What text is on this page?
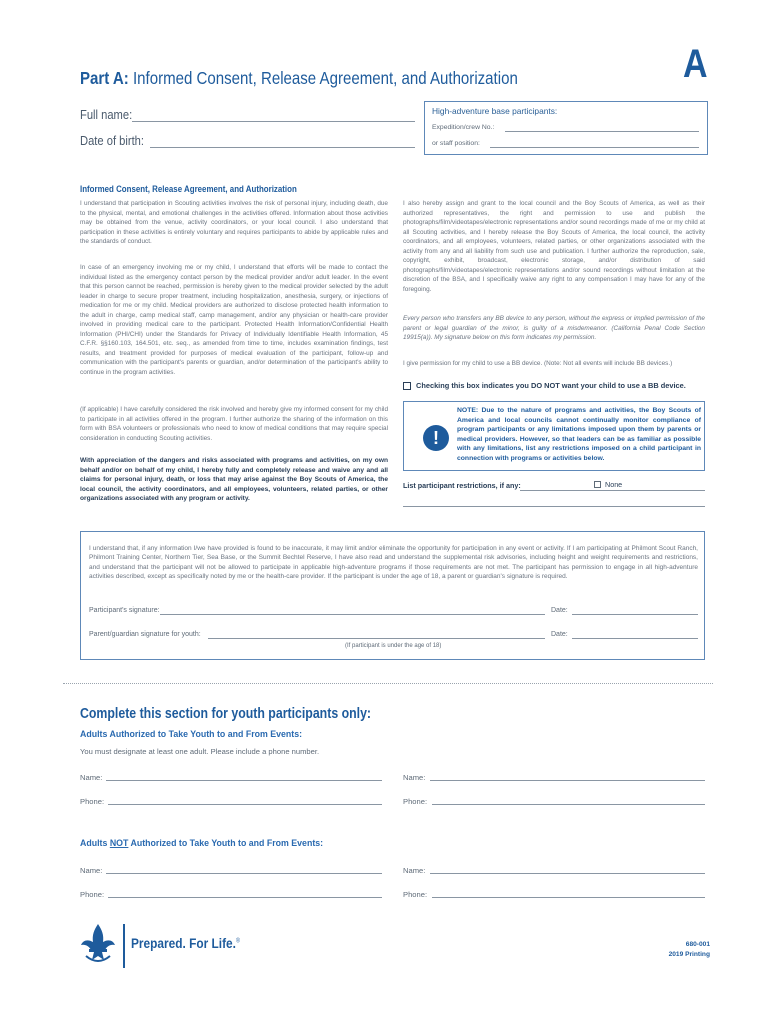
A
Part A: Informed Consent, Release Agreement, and Authorization
Full name:
Date of birth:
High-adventure base participants:
Expedition/crew No.:
or staff position:
Informed Consent, Release Agreement, and Authorization
I understand that participation in Scouting activities involves the risk of personal injury, including death, due to the physical, mental, and emotional challenges in the activities offered. Information about those activities may be obtained from the venue, activity coordinators, or your local council. I also understand that participation in these activities is entirely voluntary and requires participants to abide by applicable rules and the standards of conduct.
In case of an emergency involving me or my child, I understand that efforts will be made to contact the individual listed as the emergency contact person by the medical provider and/or adult leader. In the event that this person cannot be reached, permission is hereby given to the medical provider selected by the adult leader in charge to secure proper treatment, including hospitalization, anesthesia, surgery, or injections of medication for me or my child. Medical providers are authorized to disclose protected health information to the adult in charge, camp medical staff, camp management, and/or any physician or health-care provider involved in providing medical care to the participant. Protected Health Information/Confidential Health Information (PHI/CHI) under the Standards for Privacy of Individually Identifiable Health Information, 45 C.F.R. §§160.103, 164.501, etc. seq., as amended from time to time, includes examination findings, test results, and treatment provided for purposes of medical evaluation of the participant, follow-up and communication with the participant's parents or guardian, and/or determination of the participant's ability to continue in the program activities.
(If applicable) I have carefully considered the risk involved and hereby give my informed consent for my child to participate in all activities offered in the program. I further authorize the sharing of the information on this form with BSA volunteers or professionals who need to know of medical conditions that may require special consideration in conducting Scouting activities.
With appreciation of the dangers and risks associated with programs and activities, on my own behalf and/or on behalf of my child, I hereby fully and completely release and waive any and all claims for personal injury, death, or loss that may arise against the Boy Scouts of America, the local council, the activity coordinators, and all employees, volunteers, related parties, or other organizations associated with any program or activity.
I also hereby assign and grant to the local council and the Boy Scouts of America, as well as their authorized representatives, the right and permission to use and publish the photographs/film/videotapes/electronic representations and/or sound recordings made of me or my child at all Scouting activities, and I hereby release the Boy Scouts of America, the local council, the activity coordinators, and all employees, volunteers, related parties, or other organizations associated with the activity from any and all liability from such use and publication. I further authorize the reproduction, sale, copyright, exhibit, broadcast, electronic storage, and/or distribution of said photographs/film/videotapes/electronic representations and/or sound recordings without limitation at the discretion of the BSA, and I specifically waive any right to any compensation I may have for any of the foregoing.
Every person who transfers any BB device to any person, without the express or implied permission of the parent or legal guardian of the minor, is guilty of a misdemeanor. (California Penal Code Section 19915(a)). My signature below on this form indicates my permission.
I give permission for my child to use a BB device. (Note: Not all events will include BB devices.)
Checking this box indicates you DO NOT want your child to use a BB device.
!
NOTE: Due to the nature of programs and activities, the Boy Scouts of America and local councils cannot continually monitor compliance of program participants or any limitations imposed upon them by parents or medical providers. However, so that leaders can be as familiar as possible with any limitations, list any restrictions imposed on a child participant in connection with programs or activities below.
List participant restrictions, if any:	None
I understand that, if any information I/we have provided is found to be inaccurate, it may limit and/or eliminate the opportunity for participation in any event or activity. If I am participating at Philmont Scout Ranch, Philmont Training Center, Northern Tier, Sea Base, or the Summit Bechtel Reserve, I have also read and understand the supplemental risk advisories, including height and weight requirements and restrictions, and understand that the participant will not be allowed to participate in applicable high-adventure programs if those requirements are not met. The participant has permission to engage in all high-adventure activities described, except as specifically noted by me or the health-care provider. If the participant is under the age of 18, a parent or guardian's signature is required.
Participant's signature:	Date:
Parent/guardian signature for youth:	Date:
(If participant is under the age of 18)
Complete this section for youth participants only:
Adults Authorized to Take Youth to and From Events:
You must designate at least one adult. Please include a phone number.
Name:	Name:
Phone:	Phone:
Adults NOT Authorized to Take Youth to and From Events:
Name:	Name:
Phone:	Phone:
Prepared. For Life.®	680-001
2019 Printing
